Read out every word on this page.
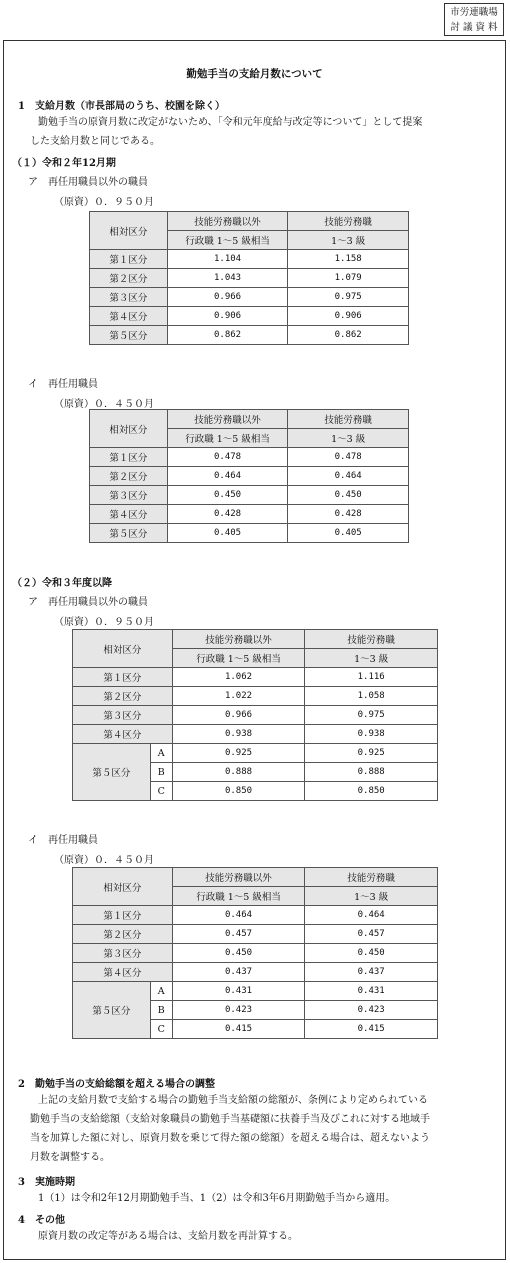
市労連職場
討 議 資 料
勤勉手当の支給月数について
1　支給月数（市長部局のうち、校園を除く）
勤勉手当の原資月数に改定がないため、「令和元年度給与改定等について」として提案
した支給月数と同じである。
（１）令和２年12月期
ア　再任用職員以外の職員
（原資）０．９５０月
相対区分	技能労務職以外	技能労務職
	行政職 1～5 級相当	1～3 級
第１区分	1.104	1.158
第２区分	1.043	1.079
第３区分	0.966	0.975
第４区分	0.906	0.906
第５区分	0.862	0.862
イ　再任用職員
（原資）０．４５０月
相対区分	技能労務職以外	技能労務職
	行政職 1～5 級相当	1～3 級
第１区分	0.478	0.478
第２区分	0.464	0.464
第３区分	0.450	0.450
第４区分	0.428	0.428
第５区分	0.405	0.405
（２）令和３年度以降
ア　再任用職員以外の職員
（原資）０．９５０月
相対区分		技能労務職以外	技能労務職
		行政職 1～5 級相当	1～3 級
第１区分		1.062	1.116
第２区分		1.022	1.058
第３区分		0.966	0.975
第４区分		0.938	0.938
第５区分	A	0.925	0.925
	B	0.888	0.888
	C	0.850	0.850
イ　再任用職員
（原資）０．４５０月
相対区分		技能労務職以外	技能労務職
		行政職 1～5 級相当	1～3 級
第１区分		0.464	0.464
第２区分		0.457	0.457
第３区分		0.450	0.450
第４区分		0.437	0.437
第５区分	A	0.431	0.431
	B	0.423	0.423
	C	0.415	0.415
2　勤勉手当の支給総額を超える場合の調整
上記の支給月数で支給する場合の勤勉手当支給額の総額が、条例により定められている
勤勉手当の支給総額（支給対象職員の勤勉手当基礎額に扶養手当及びこれに対する地域手
当を加算した額に対し、原資月数を乗じて得た額の総額）を超える場合は、超えないよう
月数を調整する。
3　実施時期
1（1）は令和2年12月期勤勉手当、1（2）は令和3年6月期勤勉手当から適用。
4　その他
原資月数の改定等がある場合は、支給月数を再計算する。
